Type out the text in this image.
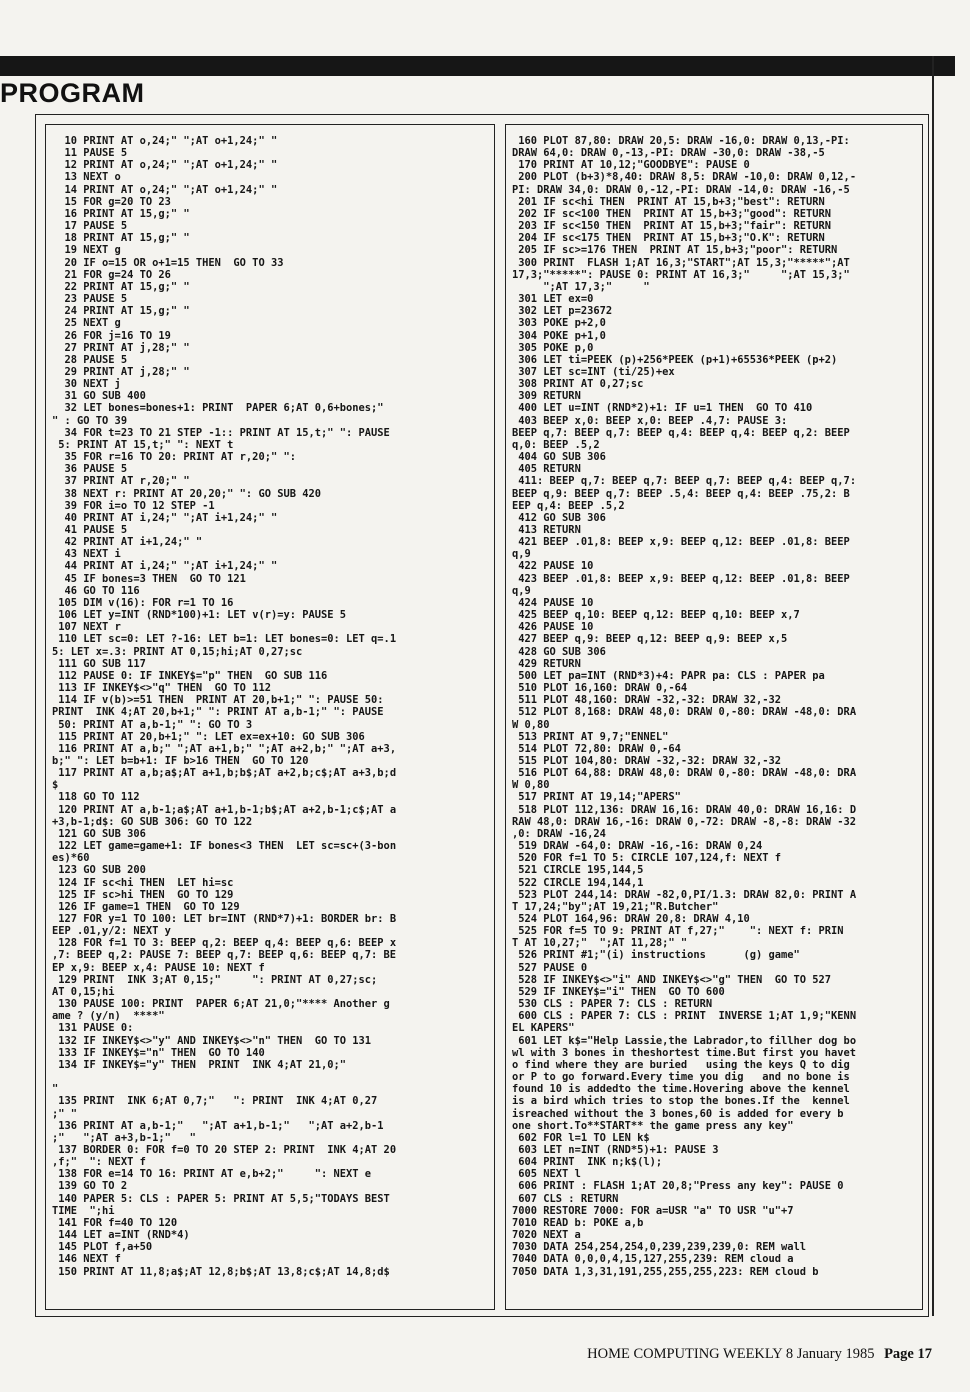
PROGRAM
10 PRINT AT o,24;" ";AT o+1,24;" "
11 PAUSE 5
12 PRINT AT o,24;" ";AT o+1,24;" "
13 NEXT o
14 PRINT AT o,24;" ";AT o+1,24;" "
15 FOR g=20 TO 23
16 PRINT AT 15,g;" "
17 PAUSE 5
18 PRINT AT 15,g;" "
19 NEXT g
20 IF o=15 OR o+1=15 THEN  GO TO 33
21 FOR g=24 TO 26
22 PRINT AT 15,g;" "
23 PAUSE 5
24 PRINT AT 15,g;" "
25 NEXT g
26 FOR j=16 TO 19
27 PRINT AT j,28;" "
28 PAUSE 5
29 PRINT AT j,28;" "
30 NEXT j
31 GO SUB 400
32 LET bones=bones+1: PRINT  PAPER 6;AT 0,6+bones;"
" : GO TO 39
34 FOR t=23 TO 21 STEP -1:: PRINT AT 15,t;" ": PAUSE
5: PRINT AT 15,t;" ": NEXT t
35 FOR r=16 TO 20: PRINT AT r,20;" ":
36 PAUSE 5
37 PRINT AT r,20;" "
38 NEXT r: PRINT AT 20,20;" ": GO SUB 420
39 FOR i=o TO 12 STEP -1
40 PRINT AT i,24;" ";AT i+1,24;" "
41 PAUSE 5
42 PRINT AT i+1,24;" "
43 NEXT i
44 PRINT AT i,24;" ";AT i+1,24;" "
45 IF bones=3 THEN  GO TO 121
46 GO TO 116
105 DIM v(16): FOR r=1 TO 16
106 LET y=INT (RND*100)+1: LET v(r)=y: PAUSE 5
107 NEXT r
110 LET sc=0: LET ?-16: LET b=1: LET bones=0: LET q=.1
5: LET x=.3: PRINT AT 0,15;hi;AT 0,27;sc
111 GO SUB 117
112 PAUSE 0: IF INKEY$="p" THEN  GO SUB 116
113 IF INKEY$<>"q" THEN  GO TO 112
114 IF v(b)>=51 THEN  PRINT AT 20,b+1;" ": PAUSE 50:
PRINT  INK 4;AT 20,b+1;" ": PRINT AT a,b-1;" ": PAUSE
50: PRINT AT a,b-1;" ": GO TO 3
115 PRINT AT 20,b+1;" ": LET ex=ex+10: GO SUB 306
116 PRINT AT a,b;" ";AT a+1,b;" ";AT a+2,b;" ";AT a+3,
b;" ": LET b=b+1: IF b>16 THEN  GO TO 120
117 PRINT AT a,b;a$;AT a+1,b;b$;AT a+2,b;c$;AT a+3,b;d
$
118 GO TO 112
120 PRINT AT a,b-1;a$;AT a+1,b-1;b$;AT a+2,b-1;c$;AT a
+3,b-1;d$: GO SUB 306: GO TO 122
121 GO SUB 306
122 LET game=game+1: IF bones<3 THEN  LET sc=sc+(3-bon
es)*60
123 GO SUB 200
124 IF sc<hi THEN  LET hi=sc
125 IF sc>hi THEN  GO TO 129
126 IF game=1 THEN  GO TO 129
127 FOR y=1 TO 100: LET br=INT (RND*7)+1: BORDER br: B
EEP .01,y/2: NEXT y
128 FOR f=1 TO 3: BEEP q,2: BEEP q,4: BEEP q,6: BEEP x
,7: BEEP q,2: PAUSE 7: BEEP q,7: BEEP q,6: BEEP q,7: BE
EP x,9: BEEP x,4: PAUSE 10: NEXT f
129 PRINT  INK 3;AT 0,15;"     ": PRINT AT 0,27;sc;
AT 0,15;hi
130 PAUSE 100: PRINT  PAPER 6;AT 21,0;"**** Another g
ame ? (y/n)  ****"
131 PAUSE 0:
132 IF INKEY$<>"y" AND INKEY$<>"n" THEN  GO TO 131
133 IF INKEY$="n" THEN  GO TO 140
134 IF INKEY$="y" THEN  PRINT  INK 4;AT 21,0;"

"
135 PRINT  INK 6;AT 0,7;"   ": PRINT  INK 4;AT 0,27
;" "
136 PRINT AT a,b-1;"   ";AT a+1,b-1;"   ";AT a+2,b-1
;"   ";AT a+3,b-1;"   "
137 BORDER 0: FOR f=0 TO 20 STEP 2: PRINT  INK 4;AT 20
,f;"  ": NEXT f
138 FOR e=14 TO 16: PRINT AT e,b+2;"     ": NEXT e
139 GO TO 2
140 PAPER 5: CLS : PAPER 5: PRINT AT 5,5;"TODAYS BEST
TIME  ";hi
141 FOR f=40 TO 120
144 LET a=INT (RND*4)
145 PLOT f,a+50
146 NEXT f
150 PRINT AT 11,8;a$;AT 12,8;b$;AT 13,8;c$;AT 14,8;d$
160 PLOT 87,80: DRAW 20,5: DRAW -16,0: DRAW 0,13,-PI:
DRAW 64,0: DRAW 0,-13,-PI: DRAW -30,0: DRAW -38,-5
170 PRINT AT 10,12;"GOODBYE": PAUSE 0
200 PLOT (b+3)*8,40: DRAW 8,5: DRAW -10,0: DRAW 0,12,-
PI: DRAW 34,0: DRAW 0,-12,-PI: DRAW -14,0: DRAW -16,-5
201 IF sc<hi THEN  PRINT AT 15,b+3;"best": RETURN
202 IF sc<100 THEN  PRINT AT 15,b+3;"good": RETURN
203 IF sc<150 THEN  PRINT AT 15,b+3;"fair": RETURN
204 IF sc<175 THEN  PRINT AT 15,b+3;"O.K": RETURN
205 IF sc>=176 THEN  PRINT AT 15,b+3;"poor": RETURN
300 PRINT  FLASH 1;AT 16,3;"START";AT 15,3;"*****";AT
17,3;"*****": PAUSE 0: PRINT AT 16,3;"     ";AT 15,3;"
";AT 17,3;"     "
301 LET ex=0
302 LET p=23672
303 POKE p+2,0
304 POKE p+1,0
305 POKE p,0
306 LET ti=PEEK (p)+256*PEEK (p+1)+65536*PEEK (p+2)
307 LET sc=INT (ti/25)+ex
308 PRINT AT 0,27;sc
309 RETURN
400 LET u=INT (RND*2)+1: IF u=1 THEN  GO TO 410
403 BEEP x,0: BEEP x,0: BEEP .4,7: PAUSE 3:
BEEP q,7: BEEP q,7: BEEP q,4: BEEP q,4: BEEP q,2: BEEP
q,0: BEEP .5,2
404 GO SUB 306
405 RETURN
411: BEEP q,7: BEEP q,7: BEEP q,7: BEEP q,4: BEEP q,7:
BEEP q,9: BEEP q,7: BEEP .5,4: BEEP q,4: BEEP .75,2: B
EEP q,4: BEEP .5,2
412 GO SUB 306
413 RETURN
421 BEEP .01,8: BEEP x,9: BEEP q,12: BEEP .01,8: BEEP
q,9
422 PAUSE 10
423 BEEP .01,8: BEEP x,9: BEEP q,12: BEEP .01,8: BEEP
q,9
424 PAUSE 10
425 BEEP q,10: BEEP q,12: BEEP q,10: BEEP x,7
426 PAUSE 10
427 BEEP q,9: BEEP q,12: BEEP q,9: BEEP x,5
428 GO SUB 306
429 RETURN
500 LET pa=INT (RND*3)+4: PAPR pa: CLS : PAPER pa
510 PLOT 16,160: DRAW 0,-64
511 PLOT 48,160: DRAW -32,-32: DRAW 32,-32
512 PLOT 8,168: DRAW 48,0: DRAW 0,-80: DRAW -48,0: DRA
W 0,80
513 PRINT AT 9,7;"ENNEL"
514 PLOT 72,80: DRAW 0,-64
515 PLOT 104,80: DRAW -32,-32: DRAW 32,-32
516 PLOT 64,88: DRAW 48,0: DRAW 0,-80: DRAW -48,0: DRA
W 0,80
517 PRINT AT 19,14;"APERS"
518 PLOT 112,136: DRAW 16,16: DRAW 40,0: DRAW 16,16: D
RAW 48,0: DRAW 16,-16: DRAW 0,-72: DRAW -8,-8: DRAW -32
,0: DRAW -16,24
519 DRAW -64,0: DRAW -16,-16: DRAW 0,24
520 FOR f=1 TO 5: CIRCLE 107,124,f: NEXT f
521 CIRCLE 195,144,5
522 CIRCLE 194,144,1
523 PLOT 244,14: DRAW -82,0,PI/1.3: DRAW 82,0: PRINT A
T 17,24;"by";AT 19,21;"R.Butcher"
524 PLOT 164,96: DRAW 20,8: DRAW 4,10
525 FOR f=5 TO 9: PRINT AT f,27;"    ": NEXT f: PRIN
T AT 10,27;"  ";AT 11,28;" "
526 PRINT #1;"(i) instructions      (g) game"
527 PAUSE 0
528 IF INKEY$<>"i" AND INKEY$<>"g" THEN  GO TO 527
529 IF INKEY$="i" THEN  GO TO 600
530 CLS : PAPER 7: CLS : RETURN
600 CLS : PAPER 7: CLS : PRINT  INVERSE 1;AT 1,9;"KENN
EL KAPERS"
601 LET k$="Help Lassie,the Labrador,to fillher dog bo
wl with 3 bones in theshortest time.But first you havet
o find where they are buried   using the keys Q to dig
or P to go forward.Every time you dig   and no bone is
found 10 is addedto the time.Hovering above the kennel
is a bird which tries to stop the bones.If the  kennel
isreached without the 3 bones,60 is added for every b
one short.To**START** the game press any key"
602 FOR l=1 TO LEN k$
603 LET n=INT (RND*5)+1: PAUSE 3
604 PRINT  INK n;k$(l);
605 NEXT l
606 PRINT : FLASH 1;AT 20,8;"Press any key": PAUSE 0
607 CLS : RETURN
7000 RESTORE 7000: FOR a=USR "a" TO USR "u"+7
7010 READ b: POKE a,b
7020 NEXT a
7030 DATA 254,254,254,0,239,239,239,0: REM wall
7040 DATA 0,0,0,4,15,127,255,239: REM cloud a
7050 DATA 1,3,31,191,255,255,255,223: REM cloud b
HOME COMPUTING WEEKLY 8 January 1985 Page 17
